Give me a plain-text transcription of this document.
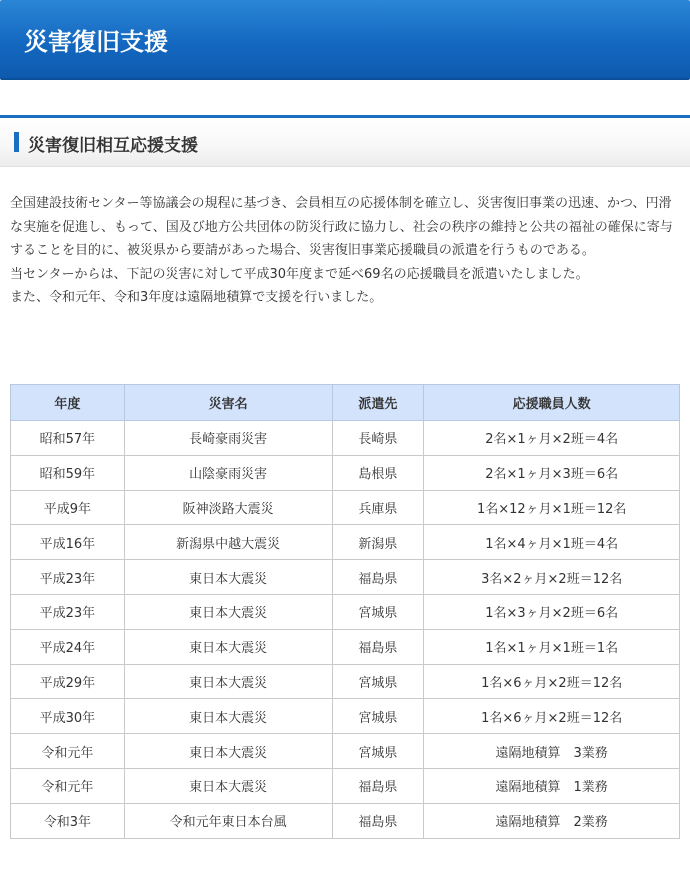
災害復旧支援
災害復旧相互応援支援

全国建設技術センター等協議会の規程に基づき、会員相互の応援体制を確立し、災害復旧事業の迅速、かつ、円滑な実施を促進し、もって、国及び地方公共団体の防災行政に協力し、社会の秩序の維持と公共の福祉の確保に寄与することを目的に、被災県から要請があった場合、災害復旧事業応援職員の派遣を行うものである。

当センターからは、下記の災害に対して平成30年度まで延べ69名の応援職員を派遣いたしました。

また、令和元年、令和3年度は遠隔地積算で支援を行いました。

年度	災害名	派遣先	応援職員人数
昭和57年	長崎豪雨災害	長崎県	2名×1ヶ月×2班＝4名
昭和59年	山陰豪雨災害	島根県	2名×1ヶ月×3班＝6名
平成9年	阪神淡路大震災	兵庫県	1名×12ヶ月×1班＝12名
平成16年	新潟県中越大震災	新潟県	1名×4ヶ月×1班＝4名
平成23年	東日本大震災	福島県	3名×2ヶ月×2班＝12名
平成23年	東日本大震災	宮城県	1名×3ヶ月×2班＝6名
平成24年	東日本大震災	福島県	1名×1ヶ月×1班＝1名
平成29年	東日本大震災	宮城県	1名×6ヶ月×2班＝12名
平成30年	東日本大震災	宮城県	1名×6ヶ月×2班＝12名
令和元年	東日本大震災	宮城県	遠隔地積算　3業務
令和元年	東日本大震災	福島県	遠隔地積算　1業務
令和3年	令和元年東日本台風	福島県	遠隔地積算　2業務
